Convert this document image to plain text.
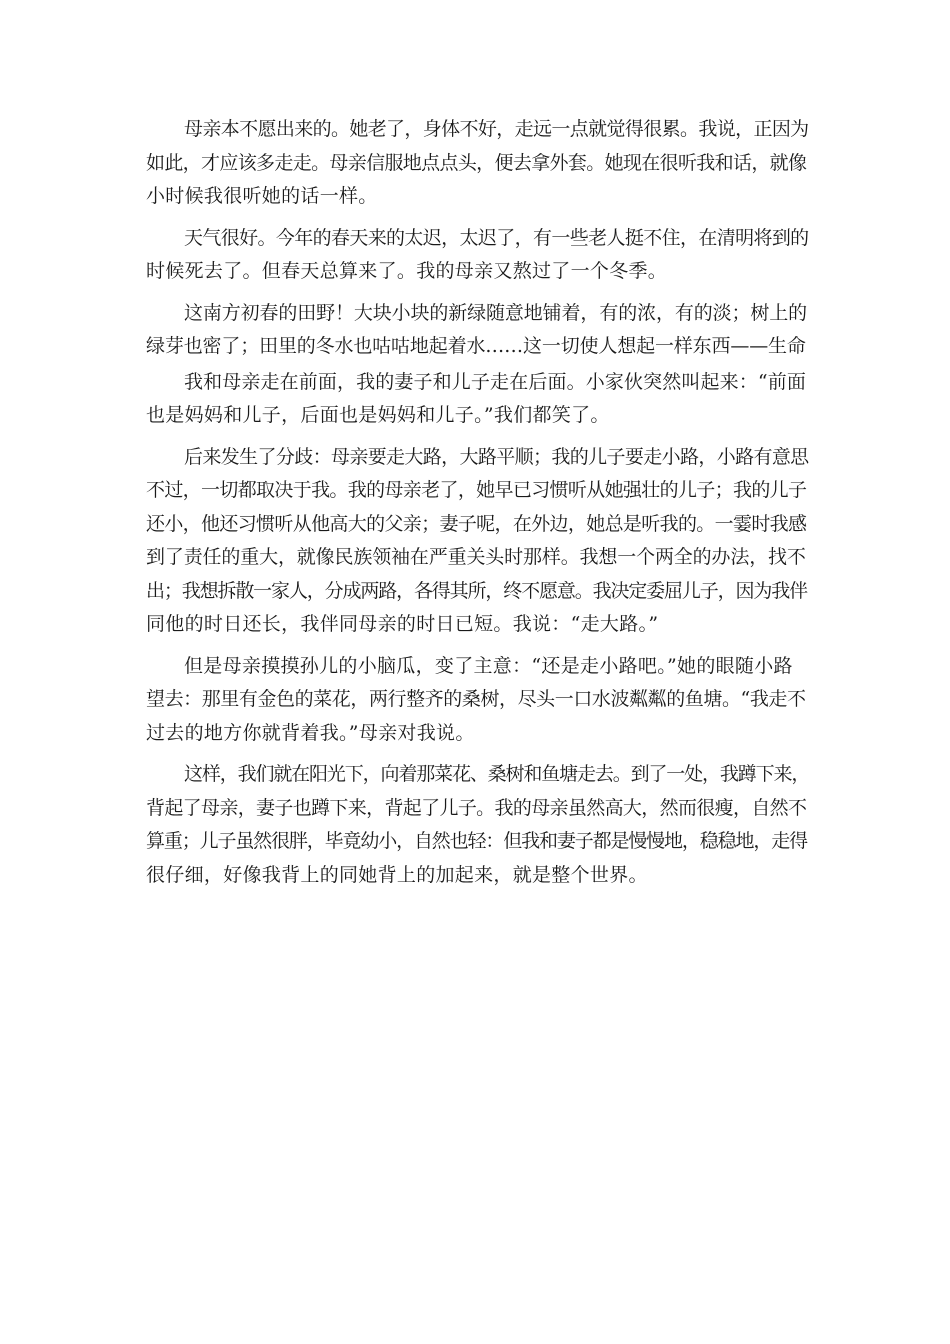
母亲本不愿出来的。她老了，身体不好，走远一点就觉得很累。我说，正因为
如此，才应该多走走。母亲信服地点点头，便去拿外套。她现在很听我和话，就像
小时候我很听她的话一样。

天气很好。今年的春天来的太迟，太迟了，有一些老人挺不住，在清明将到的
时候死去了。但春天总算来了。我的母亲又熬过了一个冬季。

这南方初春的田野！大块小块的新绿随意地铺着，有的浓，有的淡；树上的
绿芽也密了；田里的冬水也咕咕地起着水……这一切使人想起一样东西——生命

我和母亲走在前面，我的妻子和儿子走在后面。小家伙突然叫起来：“前面
也是妈妈和儿子，后面也是妈妈和儿子。”我们都笑了。

后来发生了分歧：母亲要走大路，大路平顺；我的儿子要走小路，小路有意思
不过，一切都取决于我。我的母亲老了，她早已习惯听从她强壮的儿子；我的儿子
还小，他还习惯听从他高大的父亲；妻子呢，在外边，她总是听我的。一霎时我感
到了责任的重大，就像民族领袖在严重关头时那样。我想一个两全的办法，找不
出；我想拆散一家人，分成两路，各得其所，终不愿意。我决定委屈儿子，因为我伴
同他的时日还长，我伴同母亲的时日已短。我说：“走大路。”

但是母亲摸摸孙儿的小脑瓜，变了主意：“还是走小路吧。”她的眼随小路
望去：那里有金色的菜花，两行整齐的桑树，尽头一口水波粼粼的鱼塘。“我走不
过去的地方你就背着我。”母亲对我说。

这样，我们就在阳光下，向着那菜花、桑树和鱼塘走去。到了一处，我蹲下来，
背起了母亲，妻子也蹲下来，背起了儿子。我的母亲虽然高大，然而很瘦，自然不
算重；儿子虽然很胖，毕竟幼小，自然也轻：但我和妻子都是慢慢地，稳稳地，走得
很仔细，好像我背上的同她背上的加起来，就是整个世界。
